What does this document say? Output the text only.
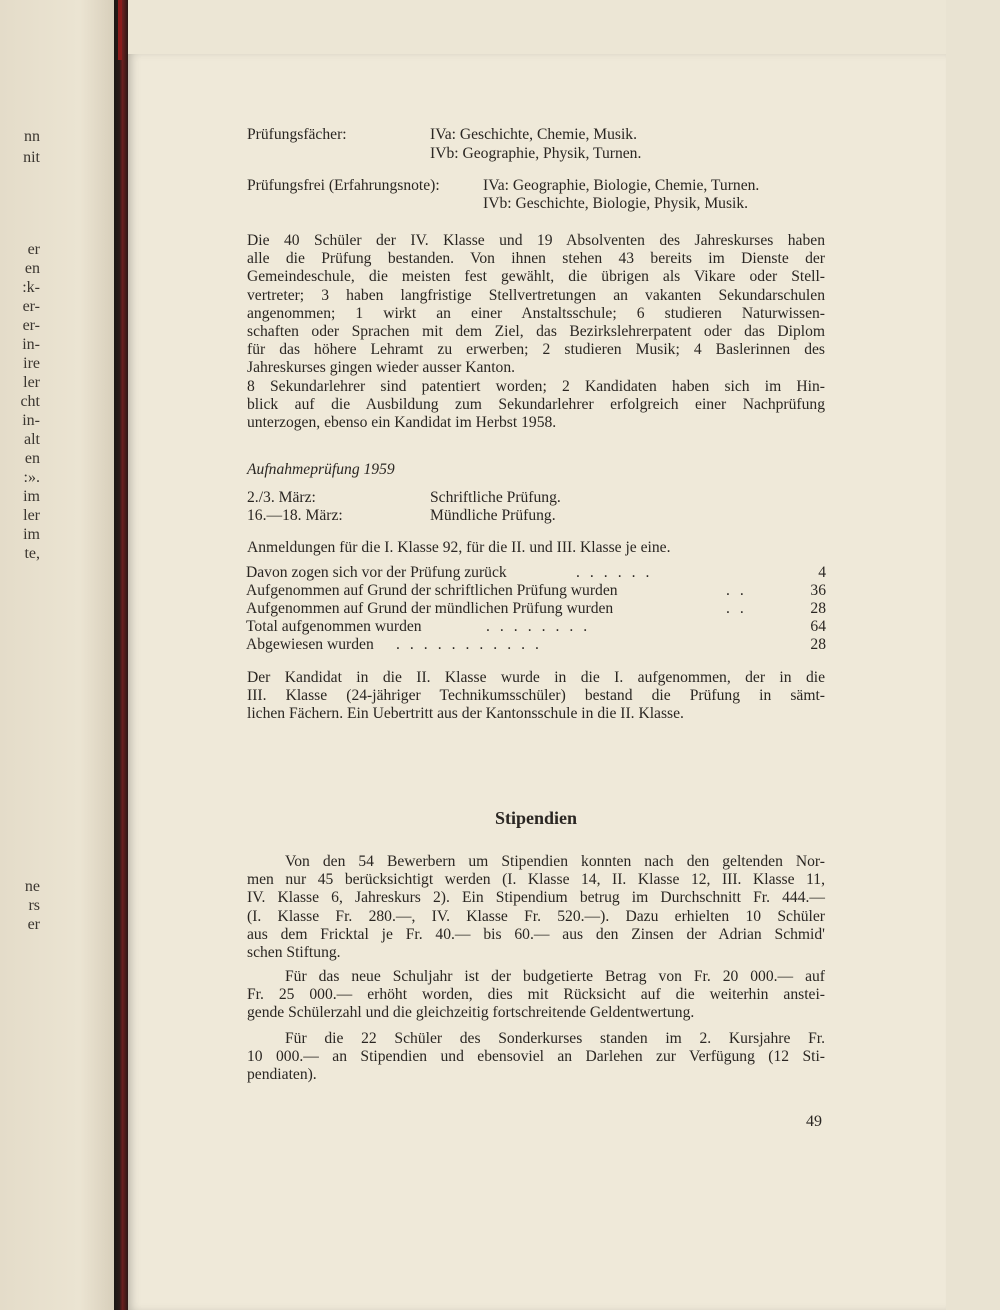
nn
nit
er
en
:k-
er-
er-
in-
ire
ler
cht
in-
alt
en
:».
im
ler
im
te,
ne
rs
er
Prüfungsfächer:	IVa: Geschichte, Chemie, Musik.
IVb: Geographie, Physik, Turnen.
Prüfungsfrei (Erfahrungsnote):	IVa: Geographie, Biologie, Chemie, Turnen.
IVb: Geschichte, Biologie, Physik, Musik.
Die 40 Schüler der IV. Klasse und 19 Absolventen des Jahreskurses haben
alle die Prüfung bestanden. Von ihnen stehen 43 bereits im Dienste der
Gemeindeschule, die meisten fest gewählt, die übrigen als Vikare oder Stell-
vertreter; 3 haben langfristige Stellvertretungen an vakanten Sekundarschulen
angenommen; 1 wirkt an einer Anstaltsschule; 6 studieren Naturwissen-
schaften oder Sprachen mit dem Ziel, das Bezirkslehrerpatent oder das Diplom
für das höhere Lehramt zu erwerben; 2 studieren Musik; 4 Baslerinnen des
Jahreskurses gingen wieder ausser Kanton.
8 Sekundarlehrer sind patentiert worden; 2 Kandidaten haben sich im Hin-
blick auf die Ausbildung zum Sekundarlehrer erfolgreich einer Nachprüfung
unterzogen, ebenso ein Kandidat im Herbst 1958.
Aufnahmeprüfung 1959
2./3. März:	Schriftliche Prüfung.
16.—18. März:	Mündliche Prüfung.
Anmeldungen für die I. Klasse 92, für die II. und III. Klasse je eine.
Davon zogen sich vor der Prüfung zurück	......	4
Aufgenommen auf Grund der schriftlichen Prüfung wurden	..	36
Aufgenommen auf Grund der mündlichen Prüfung wurden	..	28
Total aufgenommen wurden	........	64
Abgewiesen wurden ...........	28
Der Kandidat in die II. Klasse wurde in die I. aufgenommen, der in die
III. Klasse (24-jähriger Technikumsschüler) bestand die Prüfung in sämt-
lichen Fächern. Ein Uebertritt aus der Kantonsschule in die II. Klasse.
Stipendien
Von den 54 Bewerbern um Stipendien konnten nach den geltenden Nor-
men nur 45 berücksichtigt werden (I. Klasse 14, II. Klasse 12, III. Klasse 11,
IV. Klasse 6, Jahreskurs 2). Ein Stipendium betrug im Durchschnitt Fr. 444.—
(I. Klasse Fr. 280.—, IV. Klasse Fr. 520.—). Dazu erhielten 10 Schüler
aus dem Fricktal je Fr. 40.— bis 60.— aus den Zinsen der Adrian Schmid'
schen Stiftung.
Für das neue Schuljahr ist der budgetierte Betrag von Fr. 20 000.— auf
Fr. 25 000.— erhöht worden, dies mit Rücksicht auf die weiterhin anstei-
gende Schülerzahl und die gleichzeitig fortschreitende Geldentwertung.
Für die 22 Schüler des Sonderkurses standen im 2. Kursjahre Fr.
10 000.— an Stipendien und ebensoviel an Darlehen zur Verfügung (12 Sti-
pendiaten).
49
